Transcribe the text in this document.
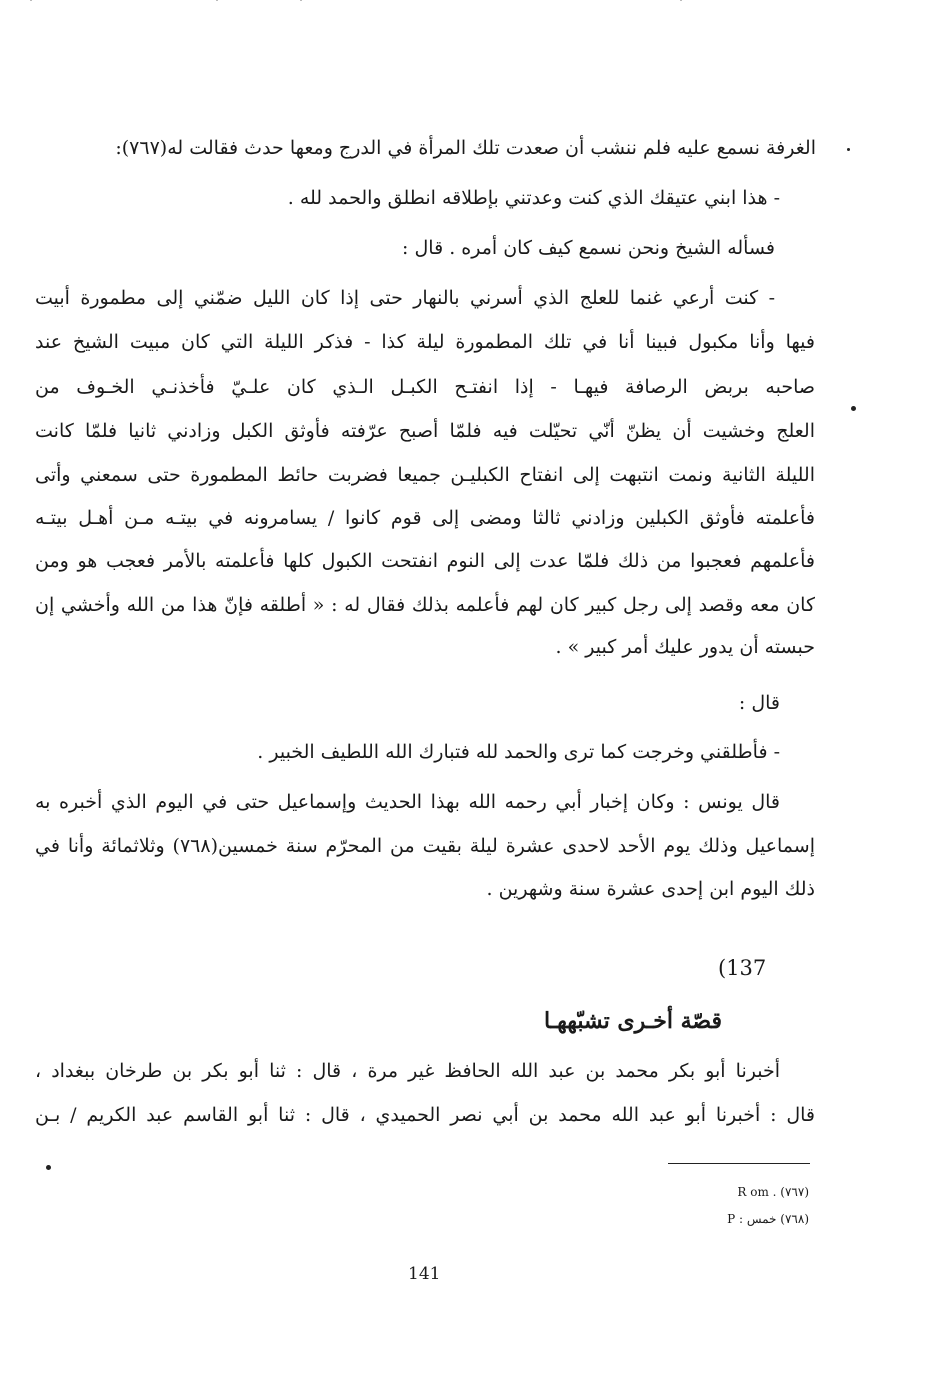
الغرفة نسمع عليه فلم ننشب أن صعدت تلك المرأة في الدرج ومعها حدث فقالت له(٧٦٧):
- هذا ابني عتيقك الذي كنت وعدتني بإطلاقه انطلق والحمد لله .
فسأله الشيخ ونحن نسمع كيف كان أمره . قال :
- كنت أرعي غنما للعلج الذي أسرني بالنهار حتى إذا كان الليل ضمّني إلى مطمورة أبيت
فيها وأنا مكبول فبينا أنا في تلك المطمورة ليلة كذا - فذكر الليلة التي كان مبيت الشيخ عند
صاحبه بربض الرصافة فيهـا - إذا انفتـح الكبـل الـذي كان علـيّ فأخذنـي الخـوف من
العلج وخشيت أن يظنّ أنّي تحيّلت فيه فلمّا أصبح عرّفته فأوثق الكبل وزادني ثانيا فلمّا كانت
الليلة الثانية ونمت انتبهت إلى انفتاح الكبليـن جميعا فضربت حائط المطمورة حتى سمعني وأتى
فأعلمته فأوثق الكبلين وزادني ثالثا ومضى إلى قوم كانوا / يسامرونه في بيتـه مـن أهـل بيتـه
فأعلمهم فعجبوا من ذلك فلمّا عدت إلى النوم انفتحت الكبول كلها فأعلمته بالأمر فعجب هو ومن
كان معه وقصد إلى رجل كبير كان لهم فأعلمه بذلك فقال له : « أطلقه فإنّ هذا من الله وأخشي إن
حبسته أن يدور عليك أمر كبير » .
قال :
- فأطلقني وخرجت كما ترى والحمد لله فتبارك الله اللطيف الخبير .
قال يونس : وكان إخبار أبي رحمه الله بهذا الحديث وإسماعيل حتى في اليوم الذي أخبره به
إسماعيل وذلك يوم الأحد لاحدى عشرة ليلة بقيت من المحرّم سنة خمسين(٧٦٨) وثلاثمائة وأنا في
ذلك اليوم ابن إحدى عشرة سنة وشهرين .
(137
قصّة أخـرى تشبّههـا
أخبرنا أبو بكر محمد بن عبد الله الحافظ غير مرة ، قال : ثنا أبو بكر بن طرخان ببغداد ،
قال : أخبرنا أبو عبد الله محمد بن أبي نصر الحميدي ، قال : ثنا أبو القاسم عبد الكريم / بـن
(٧٦٧) . R om
(٧٦٨) خمس : P
141
